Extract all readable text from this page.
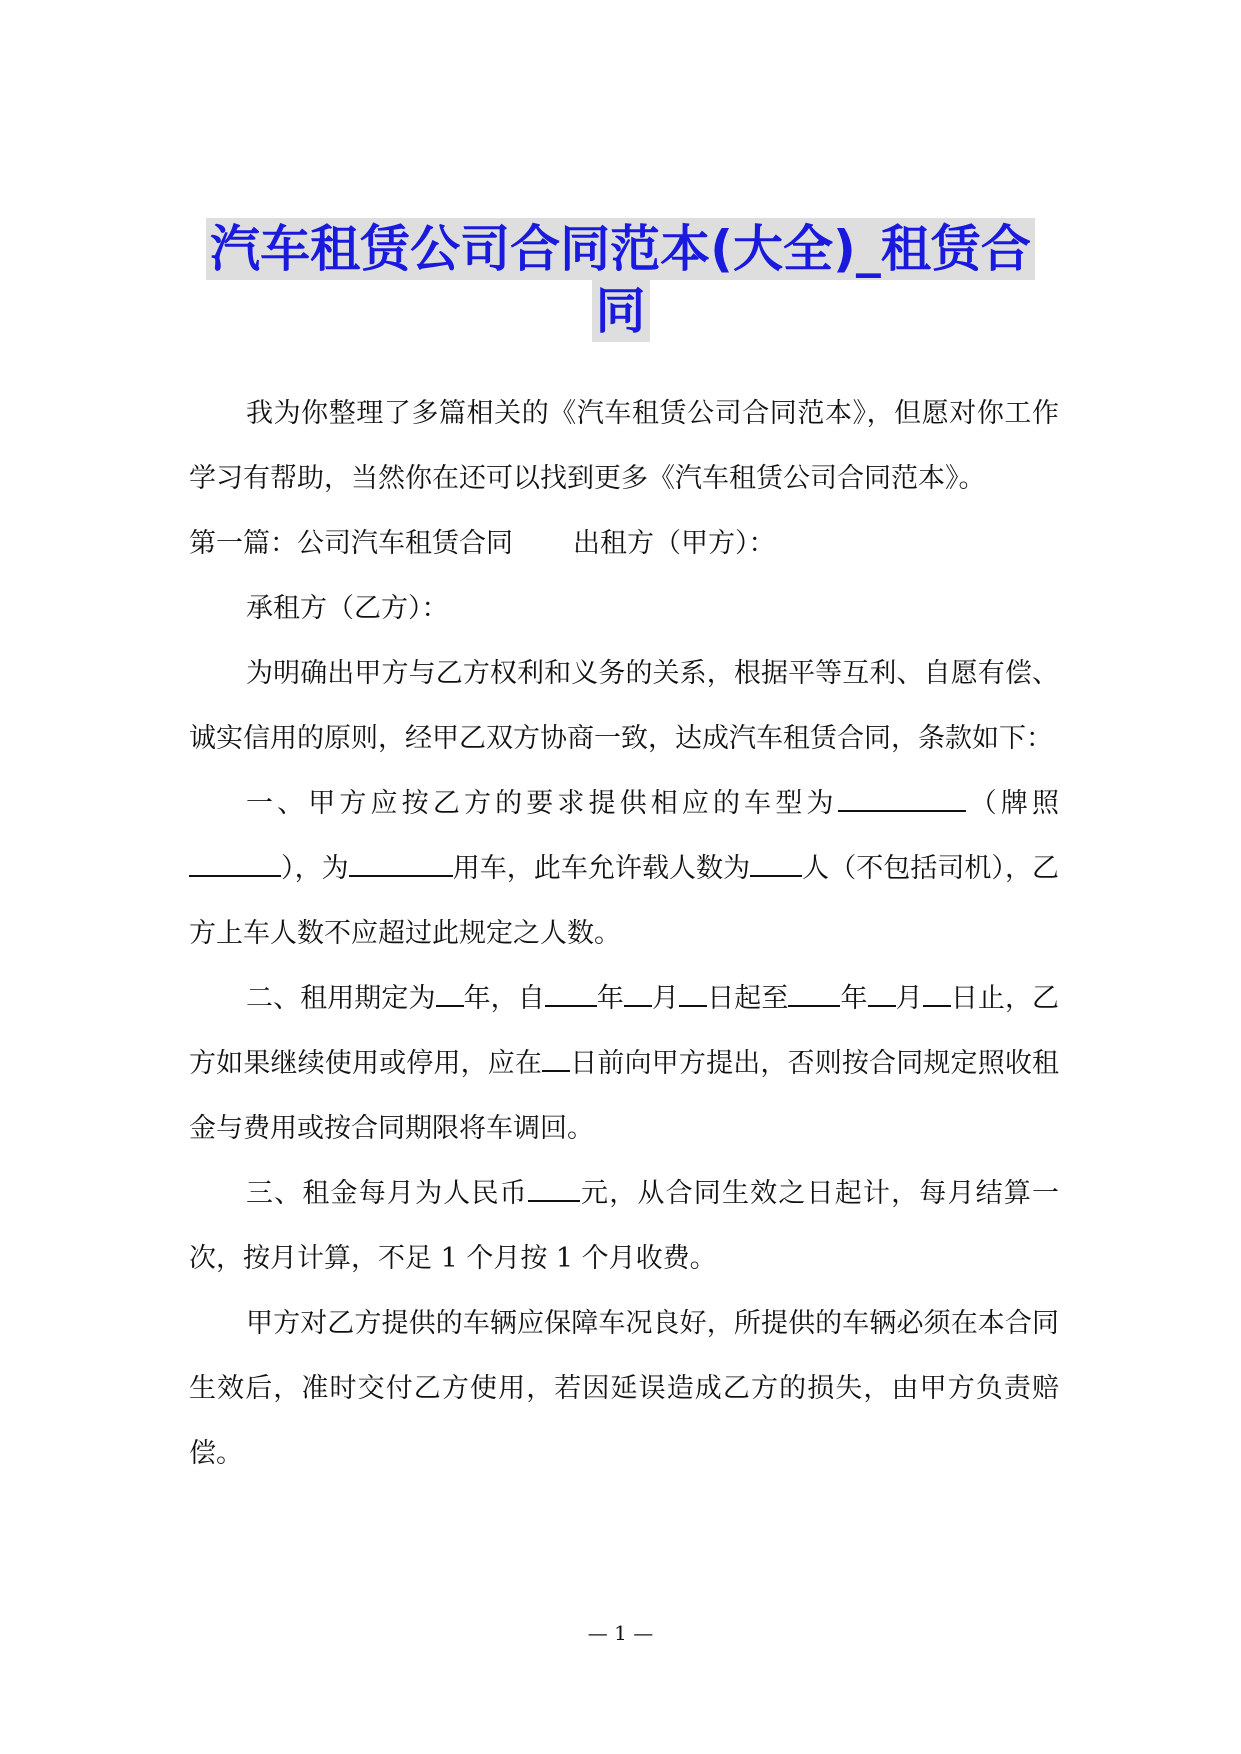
汽车租赁公司合同范本(大全)_租赁合
同

我为你整理了多篇相关的《汽车租赁公司合同范本》，但愿对你工作学习有帮助，当然你在还可以找到更多《汽车租赁公司合同范本》。

第一篇：公司汽车租赁合同 出租方（甲方）：

承租方（乙方）：

为明确出甲方与乙方权利和义务的关系，根据平等互利、自愿有偿、诚实信用的原则，经甲乙双方协商一致，达成汽车租赁合同，条款如下：

一、甲方应按乙方的要求提供相应的车型为	（牌照），为	用车，此车允许载人数为 人（不包括司机），乙方上车人数不应超过此规定之人数。

二、租用期定为 年，自 年 月 日起至 年 月 日止，乙方如果继续使用或停用，应在 日前向甲方提出，否则按合同规定照收租金与费用或按合同期限将车调回。

三、租金每月为人民币 元，从合同生效之日起计，每月结算一次，按月计算，不足 1 个月按 1 个月收费。

甲方对乙方提供的车辆应保障车况良好，所提供的车辆必须在本合同生效后，准时交付乙方使用，若因延误造成乙方的损失，由甲方负责赔偿。

— 1 —
